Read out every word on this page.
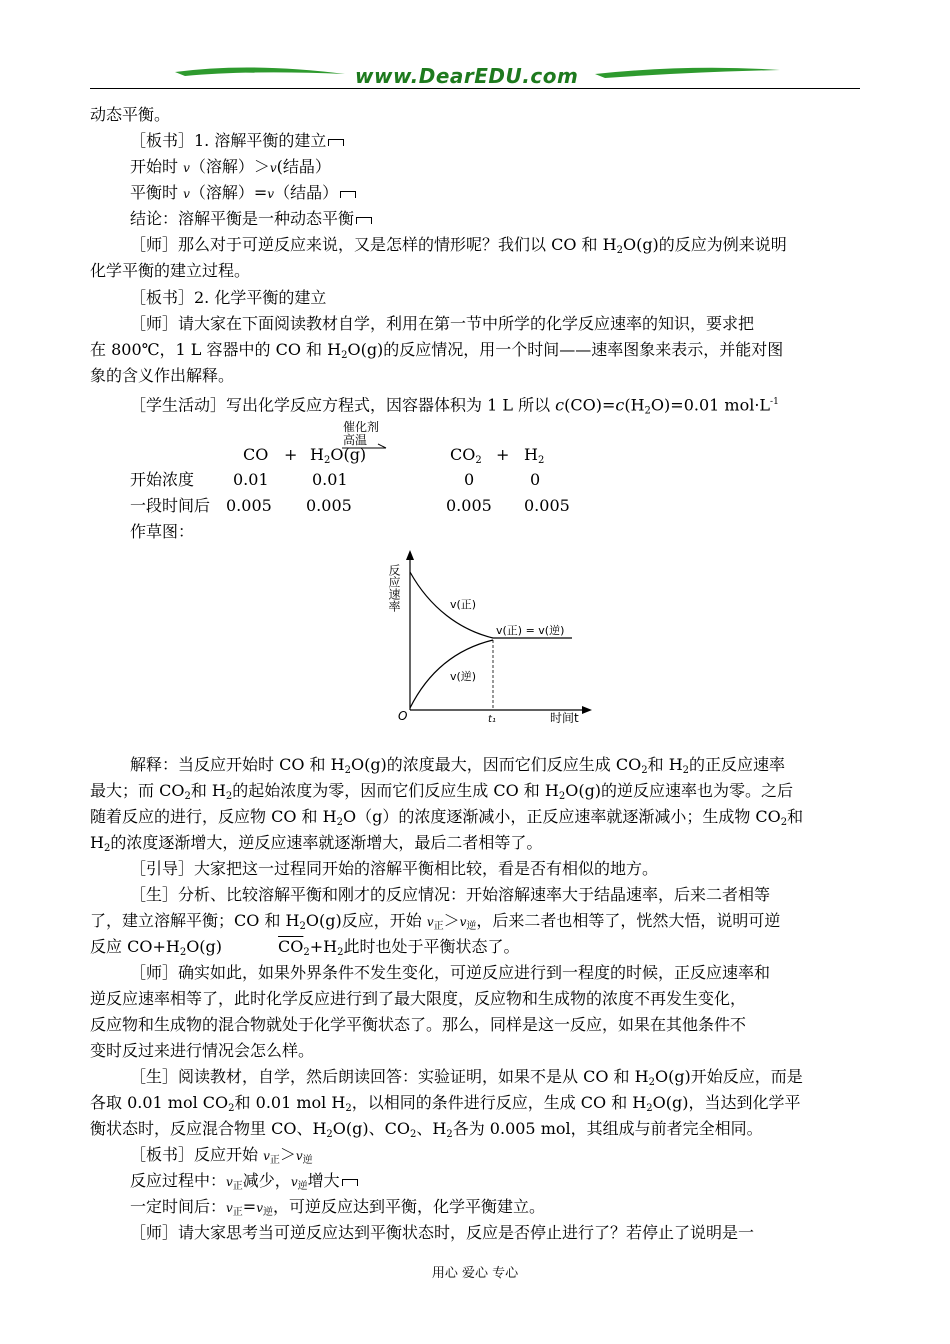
www.DearEDU.com
动态平衡。
［板书］1. 溶解平衡的建立
开始时 v（溶解）＞v(结晶）
平衡时 v（溶解）=v（结晶）
结论：溶解平衡是一种动态平衡
［师］那么对于可逆反应来说，又是怎样的情形呢？我们以 CO 和 $H_2O(g)$的反应为例来说明
化学平衡的建立过程。
［板书］2. 化学平衡的建立
［师］请大家在下面阅读教材自学，利用在第一节中所学的化学反应速率的知识，要求把
在 800℃，1 L 容器中的 CO 和 $H_2O(g)$的反应情况，用一个时间——速率图象来表示，并能对图
象的含义作出解释。
［学生活动］写出化学反应方程式，因容器体积为 1 L 所以 $c(CO)=c(H_2O)=0.01$ $mol\cdot L^{-1}$
催化剂
高温
CO + $H_2O(g)$	$CO_2 + H_2$
开始浓度 0.01	0.01	0	0
一段时间后 0.005 0.005	0.005 0.005
作草图：
反应速率	v(正)
v(逆)
v(正) = v(逆)
O	t₁	时间t
解释：当反应开始时 CO 和 $H_2O(g)$的浓度最大，因而它们反应生成 $CO_2$和 $H_2$的正反应速率
最大；而 $CO_2$和 $H_2$的起始浓度为零，因而它们反应生成 CO 和 $H_2O(g)$的逆反应速率也为零。之后
随着反应的进行，反应物 CO 和 $H_2O(g)$的浓度逐渐减小，正反应速率就逐渐减小；生成物 $CO_2$和
$H_2$的浓度逐渐增大，逆反应速率就逐渐增大，最后二者相等了。
［引导］大家把这一过程同开始的溶解平衡相比较，看是否有相似的地方。
［生］分析、比较溶解平衡和刚才的反应情况：开始溶解速率大于结晶速率，后来二者相等
了，建立溶解平衡；CO 和 $H_2O(g)$反应，开始 $v_正>v_逆$，后来二者也相等了，恍然大悟，说明可逆
反应 $CO+H_2O(g)$	$\overline{CO}_2+H_2$此时也处于平衡状态了。
［师］确实如此，如果外界条件不发生变化，可逆反应进行到一程度的时候，正反应速率和
逆反应速率相等了，此时化学反应进行到了最大限度，反应物和生成物的浓度不再发生变化，
反应物和生成物的混合物就处于化学平衡状态了。那么，同样是这一反应，如果在其他条件不
变时反过来进行情况会怎么样。
［生］阅读教材，自学，然后朗读回答：实验证明，如果不是从 CO 和 $H_2O(g)$开始反应，而是
各取 0.01 mol $CO_2$和 0.01 mol $H_2$，以相同的条件进行反应，生成 CO 和 $H_2O(g)$，当达到化学平
衡状态时，反应混合物里 CO、$H_2O(g)$、$CO_2$、$H_2$各为 0.005 mol，其组成与前者完全相同。
［板书］反应开始 $v_正>v_逆$
反应过程中：$v_正$减少，$v_逆$增大
一定时间后：$v_正=v_逆$，可逆反应达到平衡，化学平衡建立。
［师］请大家思考当可逆反应达到平衡状态时，反应是否停止进行了？若停止了说明是一
用心 爱心 专心
